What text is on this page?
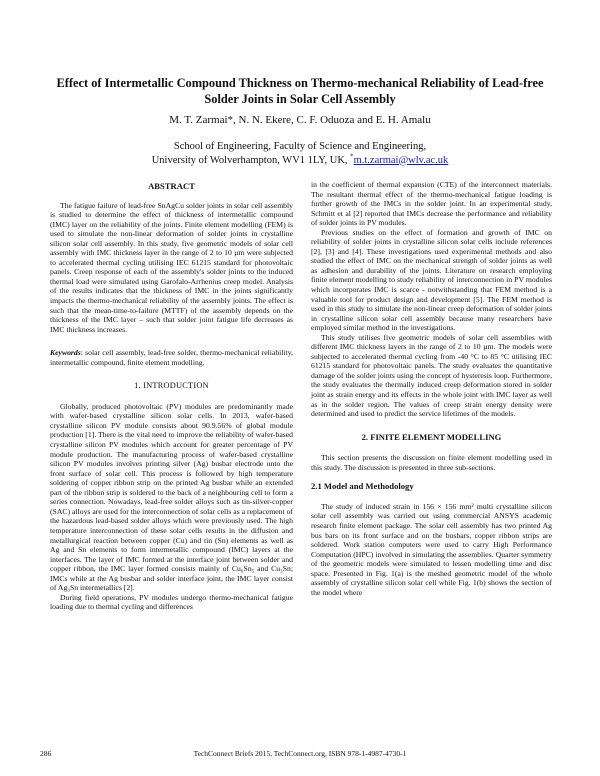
Effect of Intermetallic Compound Thickness on Thermo-mechanical Reliability of Lead-free
Solder Joints in Solar Cell Assembly
M. T. Zarmai*, N. N. Ekere, C. F. Oduoza and E. H. Amalu
School of Engineering, Faculty of Science and Engineering,
University of Wolverhampton, WV1 1LY, UK, *m.t.zarmai@wlv.ac.uk
ABSTRACT

The fatigue failure of lead-free SnAgCu solder joints in solar cell assembly is studied to determine the effect of thickness of intermetallic compound (IMC) layer on the reliability of the joints. Finite element modelling (FEM) is used to simulate the non-linear deformation of solder joints in crystalline silicon solar cell assembly. In this study, five geometric models of solar cell assembly with IMC thickness layer in the range of 2 to 10 µm were subjected to accelerated thermal cycling utilising IEC 61215 standard for photovoltaic panels. Creep response of each of the assembly's solder joints to the induced thermal load were simulated using Garofalo-Arrhenius creep model. Analysis of the results indicates that the thickness of IMC in the joints significantly impacts the thermo-mechanical reliability of the assembly joints. The effect is such that the mean-time-to-failure (MTTF) of the assembly depends on the thickness of the IMC layer – such that solder joint fatigue life decreases as IMC thickness increases.

Keywords: solar cell assembly, lead-free solder, thermo-mechanical reliability, intermetallic compound, finite element modelling.

1. INTRODUCTION

Globally, produced photovoltaic (PV) modules are predominantly made with wafer-based crystalline silicon solar cells. In 2013, wafer-based crystalline silicon PV module consists about 90.9.56% of global module production [1]. There is the vital need to improve the reliability of wafer-based crystalline silicon PV modules which account for greater percentage of PV module production. The manufacturing process of wafer-based crystalline silicon PV modules involves printing silver (Ag) busbar electrode unto the front surface of solar cell. This process is followed by high temperature soldering of copper ribbon strip on the printed Ag busbar while an extended part of the ribbon strip is soldered to the back of a neighbouring cell to form a series connection. Nowadays, lead-free solder alloys such as tin-silver-copper (SAC) alloys are used for the interconnection of solar cells as a replacement of the hazardous lead-based solder alloys which were previously used. The high temperature interconnection of these solar cells results in the diffusion and metallurgical reaction between copper (Cu) and tin (Sn) elements as well as Ag and Sn elements to form intermetallic compound (IMC) layers at the interfaces. The layer of IMC formed at the interface joint between solder and copper ribbon, the IMC layer formed consists mainly of Cu₆Sn₅ and Cu₃Sn; IMCs while at the Ag busbar and solder interface joint, the IMC layer consist of Ag₃Sn intermetallics [2].

During field operations, PV modules undergo thermo-mechanical fatigue loading due to thermal cycling and differences

in the coefficient of thermal expansion (CTE) of the interconnect materials. The resultant thermal effect of the thermo-mechanical fatigue loading is further growth of the IMCs in the solder joint. In an experimental study, Schmitt et al [2] reported that IMCs decrease the performance and reliability of solder joints in PV modules.

Previous studies on the effect of formation and growth of IMC on reliability of solder joints in crystalline silicon solar cells include references [2], [3] and [4]. These investigations used experimental methods and also studied the effect of IMC on the mechanical strength of solder joints as well as adhesion and durability of the joints. Literature on research employing finite element modelling to study reliability of interconnection in PV modules which incorporates IMC is scarce - notwithstanding that FEM method is a valuable tool for product design and development [5]. The FEM method is used in this study to simulate the non-linear creep deformation of solder joints in crystalline silicon solar cell assembly because many researchers have employed similar method in the investigations.

This study utilises five geometric models of solar cell assemblies with different IMC thickness layers in the range of 2 to 10 µm. The models were subjected to accelerated thermal cycling from -40 °C to 85 °C utilising IEC 61215 standard for photovoltaic panels. The study evaluates the quantitative damage of the solder joints using the concept of hysteresis loop. Furthermore, the study evaluates the thermally induced creep deformation stored in solder joint as strain energy and its effects in the whole joint with IMC layer as well as in the solder region. The values of creep strain energy density were determined and used to predict the service lifetimes of the models.

2. FINITE ELEMENT MODELLING

This section presents the discussion on finite element modelling used in this study. The discussion is presented in three sub-sections.

2.1 Model and Methodology

The study of induced strain in 156 × 156 mm² multi crystalline silicon solar cell assembly was carried out using commercial ANSYS academic research finite element package. The solar cell assembly has two printed Ag bus bars on its front surface and on the busbars, copper ribbon strips are soldered. Work station computers were used to carry High Performance Computation (HPC) involved in simulating the assemblies. Quarter symmetry of the geometric models were simulated to lessen modelling time and disc space. Presented in Fig. 1(a) is the meshed geometric model of the whole assembly of crystalline silicon solar cell while Fig. 1(b) shows the section of the model where

286	TechConnect Briefs 2015, TechConnect.org, ISBN 978-1-4987-4730-1
